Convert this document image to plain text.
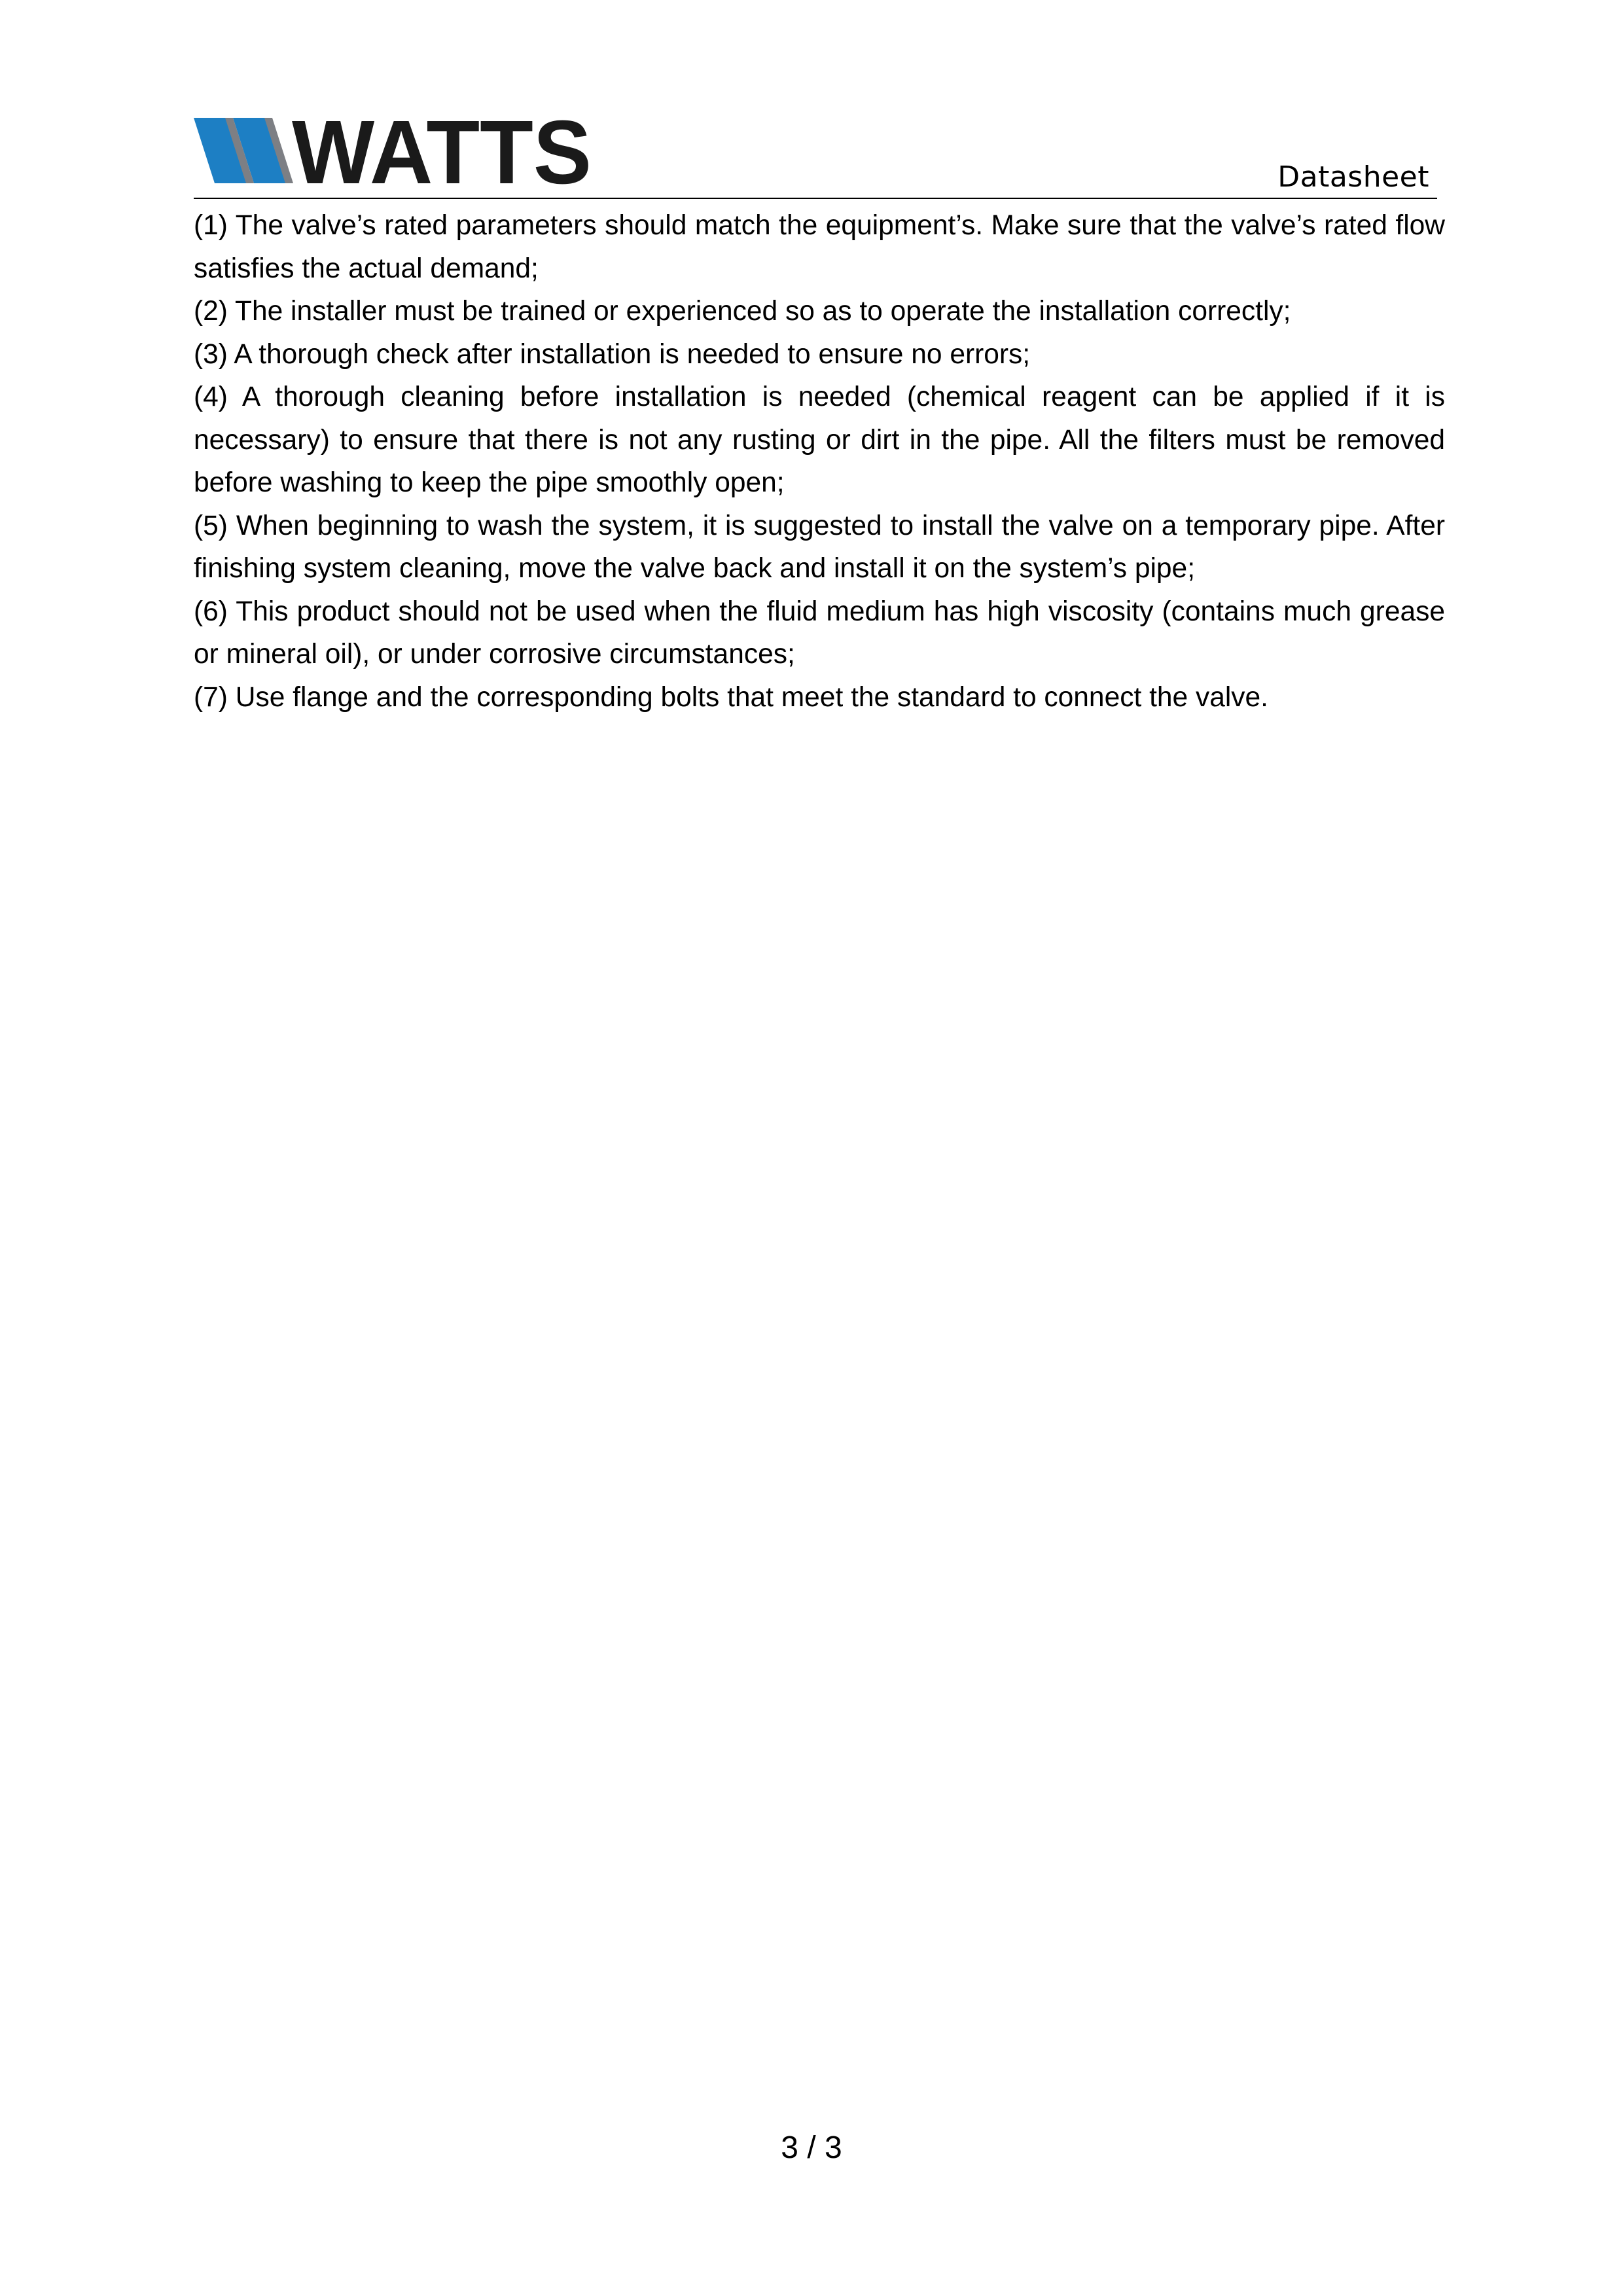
WATTS	Datasheet

(1) The valve’s rated parameters should match the equipment’s. Make sure that the valve’s rated flow satisfies the actual demand;

(2) The installer must be trained or experienced so as to operate the installation correctly;

(3) A thorough check after installation is needed to ensure no errors;

(4) A thorough cleaning before installation is needed (chemical reagent can be applied if it is necessary) to ensure that there is not any rusting or dirt in the pipe. All the filters must be removed before washing to keep the pipe smoothly open;

(5) When beginning to wash the system, it is suggested to install the valve on a temporary pipe. After finishing system cleaning, move the valve back and install it on the system’s pipe;

(6) This product should not be used when the fluid medium has high viscosity (contains much grease or mineral oil), or under corrosive circumstances;

(7) Use flange and the corresponding bolts that meet the standard to connect the valve.

3 / 3
